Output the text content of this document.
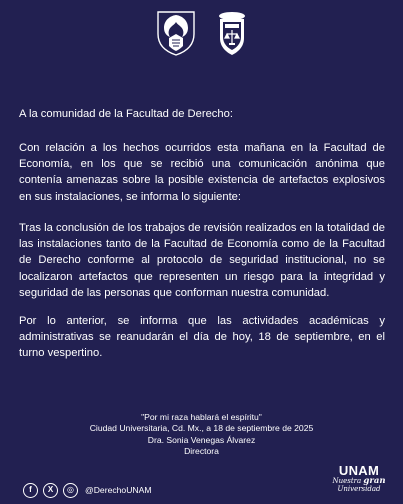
A la comunidad de la Facultad de Derecho:

Con relación a los hechos ocurridos esta mañana en la Facultad de Economía, en los que se recibió una comunicación anónima que contenía amenazas sobre la posible existencia de artefactos explosivos en sus instalaciones, se informa lo siguiente:

Tras la conclusión de los trabajos de revisión realizados en la totalidad de las instalaciones tanto de la Facultad de Economía como de la Facultad de Derecho conforme al protocolo de seguridad institucional, no se localizaron artefactos que representen un riesgo para la integridad y seguridad de las personas que conforman nuestra comunidad.

Por lo anterior, se informa que las actividades académicas y administrativas se reanudarán el día de hoy, 18 de septiembre, en el turno vespertino.

"Por mi raza hablará el espíritu"
Ciudad Universitaria, Cd. Mx., a 18 de septiembre de 2025
Dra. Sonia Venegas Álvarez
Directora
f	X	◎	@DerechoUNAM
UNAM
Nuestra gran
Universidad
